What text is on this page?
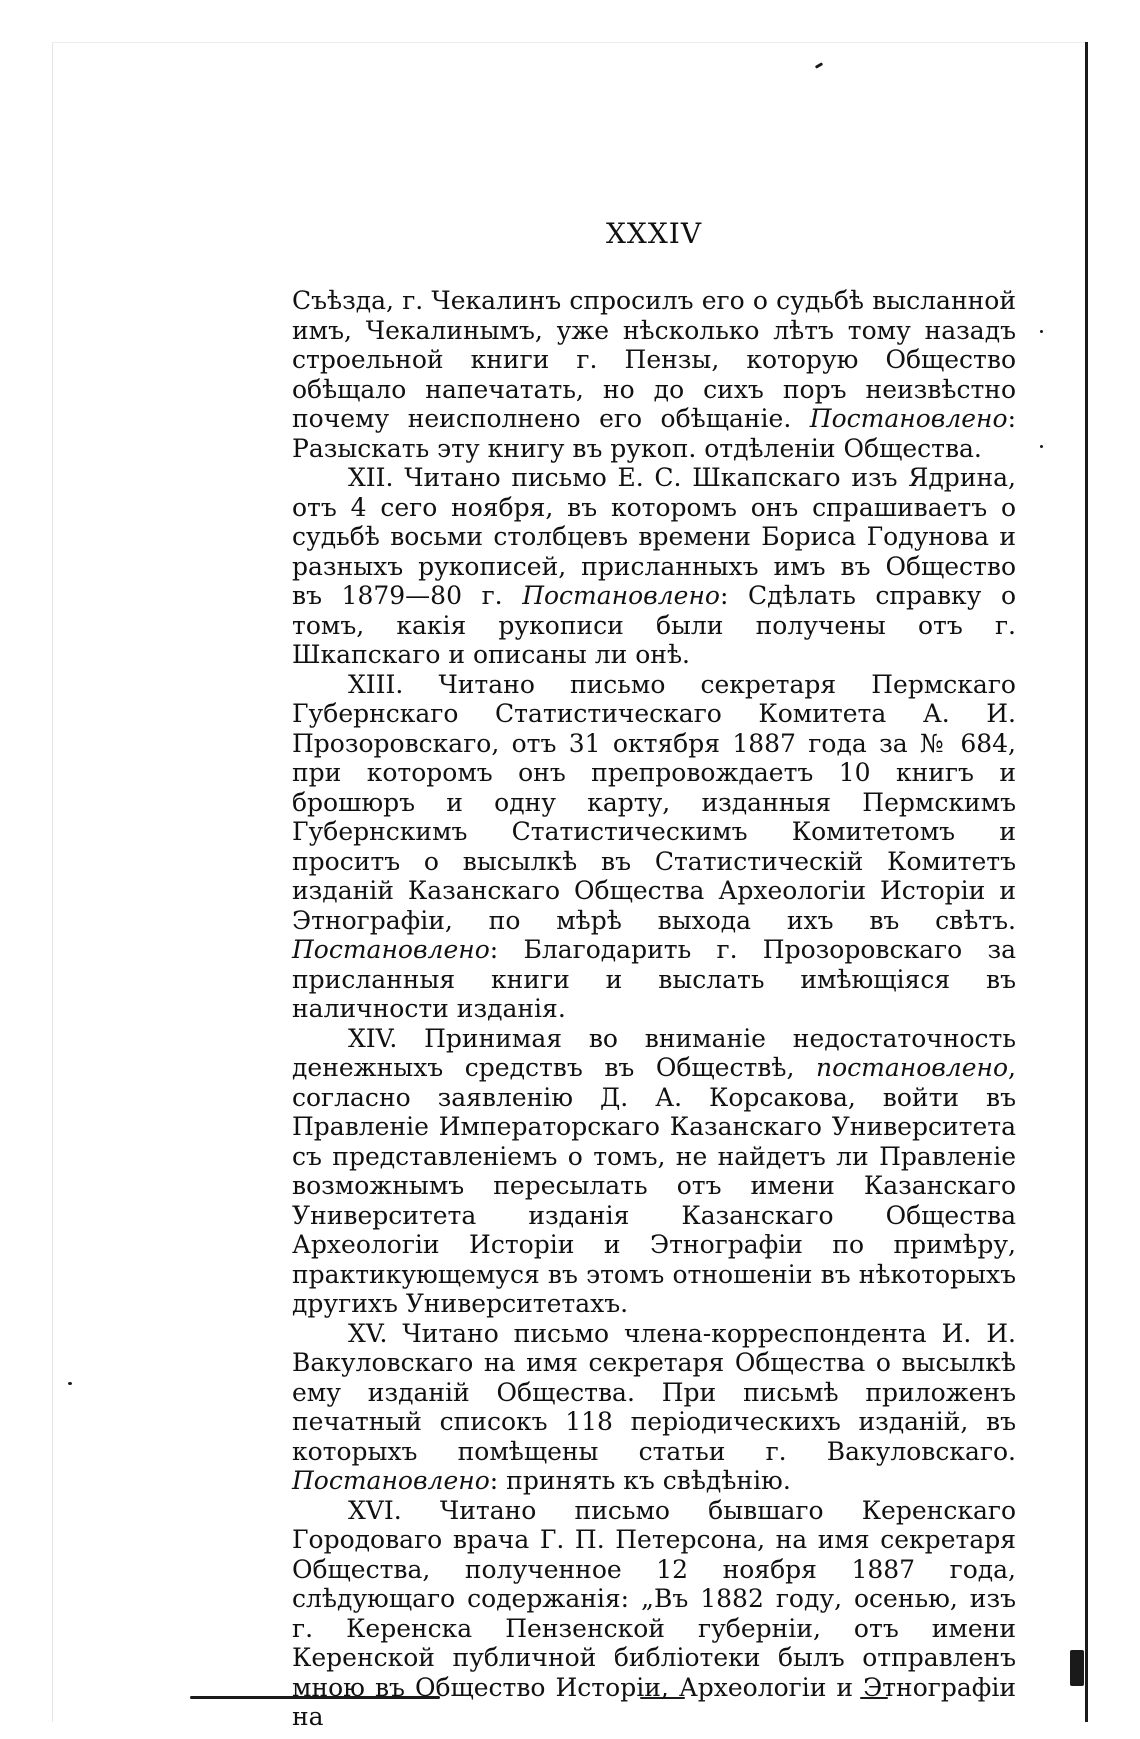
XXXIV

Съѣзда, г. Чекалинъ спросилъ его о судьбѣ высланной имъ, Чекалинымъ, уже нѣсколько лѣтъ тому назадъ строельной книги г. Пензы, которую Общество обѣщало напечатать, но до сихъ поръ неизвѣстно почему неисполнено его обѣщаніе. Постановлено: Разыскать эту книгу въ рукоп. отдѣленіи Общества.

XII. Читано письмо Е. С. Шкапскаго изъ Ядрина, отъ 4 сего ноября, въ которомъ онъ спрашиваетъ о судьбѣ восьми столбцевъ времени Бориса Годунова и разныхъ рукописей, присланныхъ имъ въ Общество въ 1879—80 г. Постановлено: Сдѣлать справку о томъ, какія рукописи были получены отъ г. Шкапскаго и описаны ли онѣ.

XIII. Читано письмо секретаря Пермскаго Губернскаго Статистическаго Комитета А. И. Прозоровскаго, отъ 31 октября 1887 года за № 684, при которомъ онъ препровождаетъ 10 книгъ и брошюръ и одну карту, изданныя Пермскимъ Губернскимъ Статистическимъ Комитетомъ и проситъ о высылкѣ въ Статистическій Комитетъ изданій Казанскаго Общества Археологіи Исторіи и Этнографіи, по мѣрѣ выхода ихъ въ свѣтъ. Постановлено: Благодарить г. Прозоровскаго за присланныя книги и выслать имѣющіяся въ наличности изданія.

XIV. Принимая во вниманіе недостаточность денежныхъ средствъ въ Обществѣ, постановлено, согласно заявленію Д. А. Корсакова, войти въ Правленіе Императорскаго Казанскаго Университета съ представленіемъ о томъ, не найдетъ ли Правленіе возможнымъ пересылать отъ имени Казанскаго Университета изданія Казанскаго Общества Археологіи Исторіи и Этнографіи по примѣру, практикующемуся въ этомъ отношеніи въ нѣкоторыхъ другихъ Университетахъ.

XV. Читано письмо члена-корреспондента И. И. Вакуловскаго на имя секретаря Общества о высылкѣ ему изданій Общества. При письмѣ приложенъ печатный списокъ 118 періодическихъ изданій, въ которыхъ помѣщены статьи г. Вакуловскаго. Постановлено: принять къ свѣдѣнію.

XVI. Читано письмо бывшаго Керенскаго Городоваго врача Г. П. Петерсона, на имя секретаря Общества, полученное 12 ноября 1887 года, слѣдующаго содержанія: „Въ 1882 году, осенью, изъ г. Керенска Пензенской губерніи, отъ имени Керенской публичной библіотеки былъ отправленъ мною въ Общество Исторіи, Археологіи и Этнографіи на
